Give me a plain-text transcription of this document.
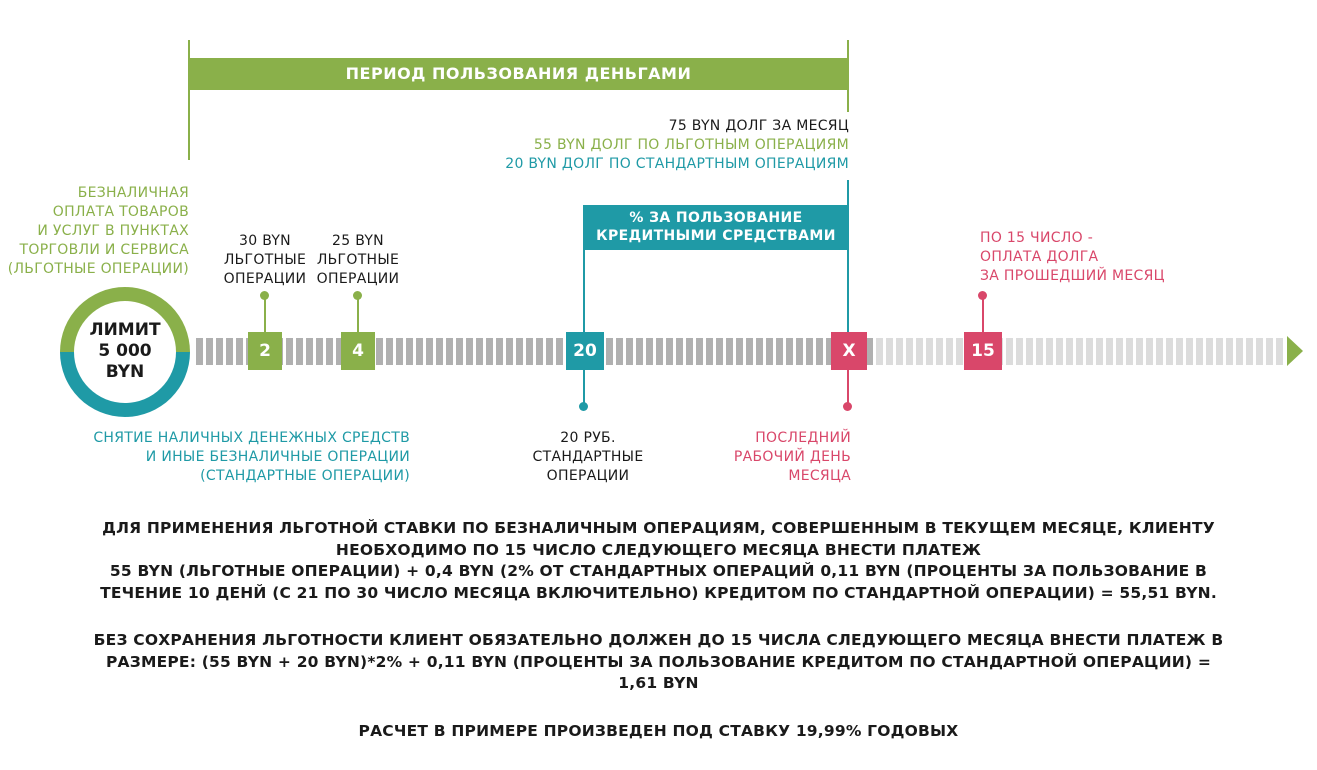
ПЕРИОД ПОЛЬЗОВАНИЯ ДЕНЬГАМИ
75 BYN ДОЛГ ЗА МЕСЯЦ
55 BYN ДОЛГ ПО ЛЬГОТНЫМ ОПЕРАЦИЯМ
20 BYN ДОЛГ ПО СТАНДАРТНЫМ ОПЕРАЦИЯМ
% ЗА ПОЛЬЗОВАНИЕ
КРЕДИТНЫМИ СРЕДСТВАМИ
БЕЗНАЛИЧНАЯ
ОПЛАТА ТОВАРОВ
И УСЛУГ В ПУНКТАХ
ТОРГОВЛИ И СЕРВИСА
(ЛЬГОТНЫЕ ОПЕРАЦИИ)
ЛИМИТ
5 000
BYN
СНЯТИЕ НАЛИЧНЫХ ДЕНЕЖНЫХ СРЕДСТВ
И ИНЫЕ БЕЗНАЛИЧНЫЕ ОПЕРАЦИИ
(СТАНДАРТНЫЕ ОПЕРАЦИИ)
30 BYN
ЛЬГОТНЫЕ
ОПЕРАЦИИ
2
25 BYN
ЛЬГОТНЫЕ
ОПЕРАЦИИ
4	20
20 РУБ.
СТАНДАРТНЫЕ
ОПЕРАЦИИ
X
ПОСЛЕДНИЙ
РАБОЧИЙ ДЕНЬ
МЕСЯЦА
ПО 15 ЧИСЛО -
ОПЛАТА ДОЛГА
ЗА ПРОШЕДШИЙ МЕСЯЦ
15
ДЛЯ ПРИМЕНЕНИЯ ЛЬГОТНОЙ СТАВКИ ПО БЕЗНАЛИЧНЫМ ОПЕРАЦИЯМ, СОВЕРШЕННЫМ В ТЕКУЩЕМ МЕСЯЦЕ, КЛИЕНТУ
НЕОБХОДИМО ПО 15 ЧИСЛО СЛЕДУЮЩЕГО МЕСЯЦА ВНЕСТИ ПЛАТЕЖ
55 BYN (ЛЬГОТНЫЕ ОПЕРАЦИИ) + 0,4 BYN (2% ОТ СТАНДАРТНЫХ ОПЕРАЦИЙ 0,11 BYN (ПРОЦЕНТЫ ЗА ПОЛЬЗОВАНИЕ В
ТЕЧЕНИЕ 10 ДЕНЙ (С 21 ПО 30 ЧИСЛО МЕСЯЦА ВКЛЮЧИТЕЛЬНО) КРЕДИТОМ ПО СТАНДАРТНОЙ ОПЕРАЦИИ) = 55,51 BYN.
БЕЗ СОХРАНЕНИЯ ЛЬГОТНОСТИ КЛИЕНТ ОБЯЗАТЕЛЬНО ДОЛЖЕН ДО 15 ЧИСЛА СЛЕДУЮЩЕГО МЕСЯЦА ВНЕСТИ ПЛАТЕЖ В
РАЗМЕРЕ: (55 BYN + 20 BYN)*2% + 0,11 BYN (ПРОЦЕНТЫ ЗА ПОЛЬЗОВАНИЕ КРЕДИТОМ ПО СТАНДАРТНОЙ ОПЕРАЦИИ) =
1,61 BYN
РАСЧЕТ В ПРИМЕРЕ ПРОИЗВЕДЕН ПОД СТАВКУ 19,99% ГОДОВЫХ
